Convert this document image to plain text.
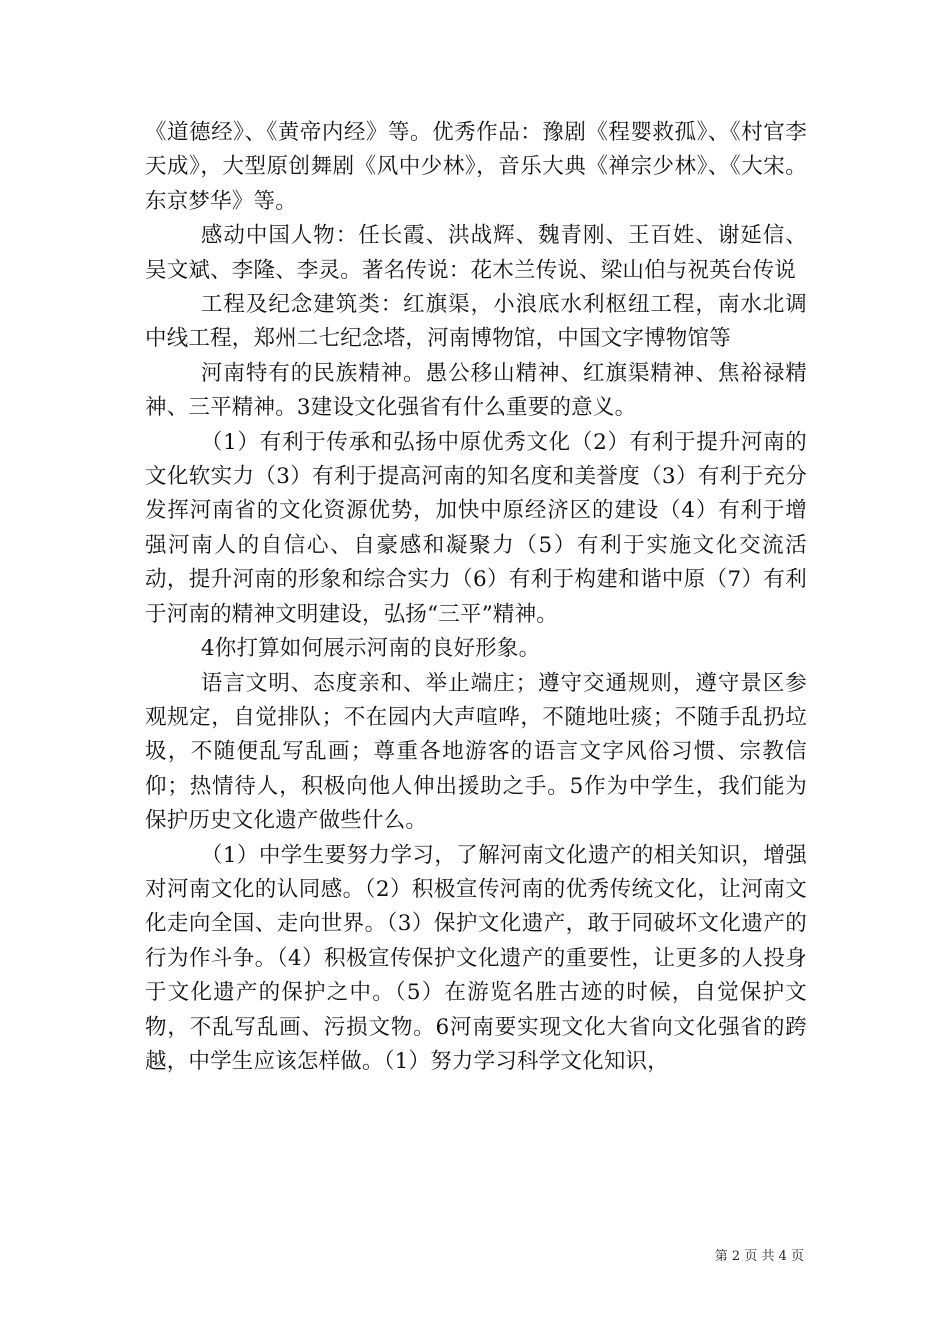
《道德经》、《黄帝内经》等。优秀作品：豫剧《程婴救孤》、《村官李天成》，大型原创舞剧《风中少林》，音乐大典《禅宗少林》、《大宋。东京梦华》等。

感动中国人物：任长霞、洪战辉、魏青刚、王百姓、谢延信、吴文斌、李隆、李灵。著名传说：花木兰传说、梁山伯与祝英台传说

工程及纪念建筑类：红旗渠，小浪底水利枢纽工程，南水北调中线工程，郑州二七纪念塔，河南博物馆，中国文字博物馆等

河南特有的民族精神。愚公移山精神、红旗渠精神、焦裕禄精神、三平精神。3建设文化强省有什么重要的意义。

（1）有利于传承和弘扬中原优秀文化（2）有利于提升河南的文化软实力（3）有利于提高河南的知名度和美誉度（3）有利于充分发挥河南省的文化资源优势，加快中原经济区的建设（4）有利于增强河南人的自信心、自豪感和凝聚力（5）有利于实施文化交流活动，提升河南的形象和综合实力（6）有利于构建和谐中原（7）有利于河南的精神文明建设，弘扬“三平”精神。

4你打算如何展示河南的良好形象。

语言文明、态度亲和、举止端庄；遵守交通规则，遵守景区参观规定，自觉排队；不在园内大声喧哗，不随地吐痰；不随手乱扔垃圾，不随便乱写乱画；尊重各地游客的语言文字风俗习惯、宗教信仰；热情待人，积极向他人伸出援助之手。5作为中学生，我们能为保护历史文化遗产做些什么。

（1）中学生要努力学习，了解河南文化遗产的相关知识，增强对河南文化的认同感。（2）积极宣传河南的优秀传统文化，让河南文化走向全国、走向世界。（3）保护文化遗产，敢于同破坏文化遗产的行为作斗争。（4）积极宣传保护文化遗产的重要性，让更多的人投身于文化遗产的保护之中。（5）在游览名胜古迹的时候，自觉保护文物，不乱写乱画、污损文物。6河南要实现文化大省向文化强省的跨越，中学生应该怎样做。（1）努力学习科学文化知识，

第 2 页 共 4 页
